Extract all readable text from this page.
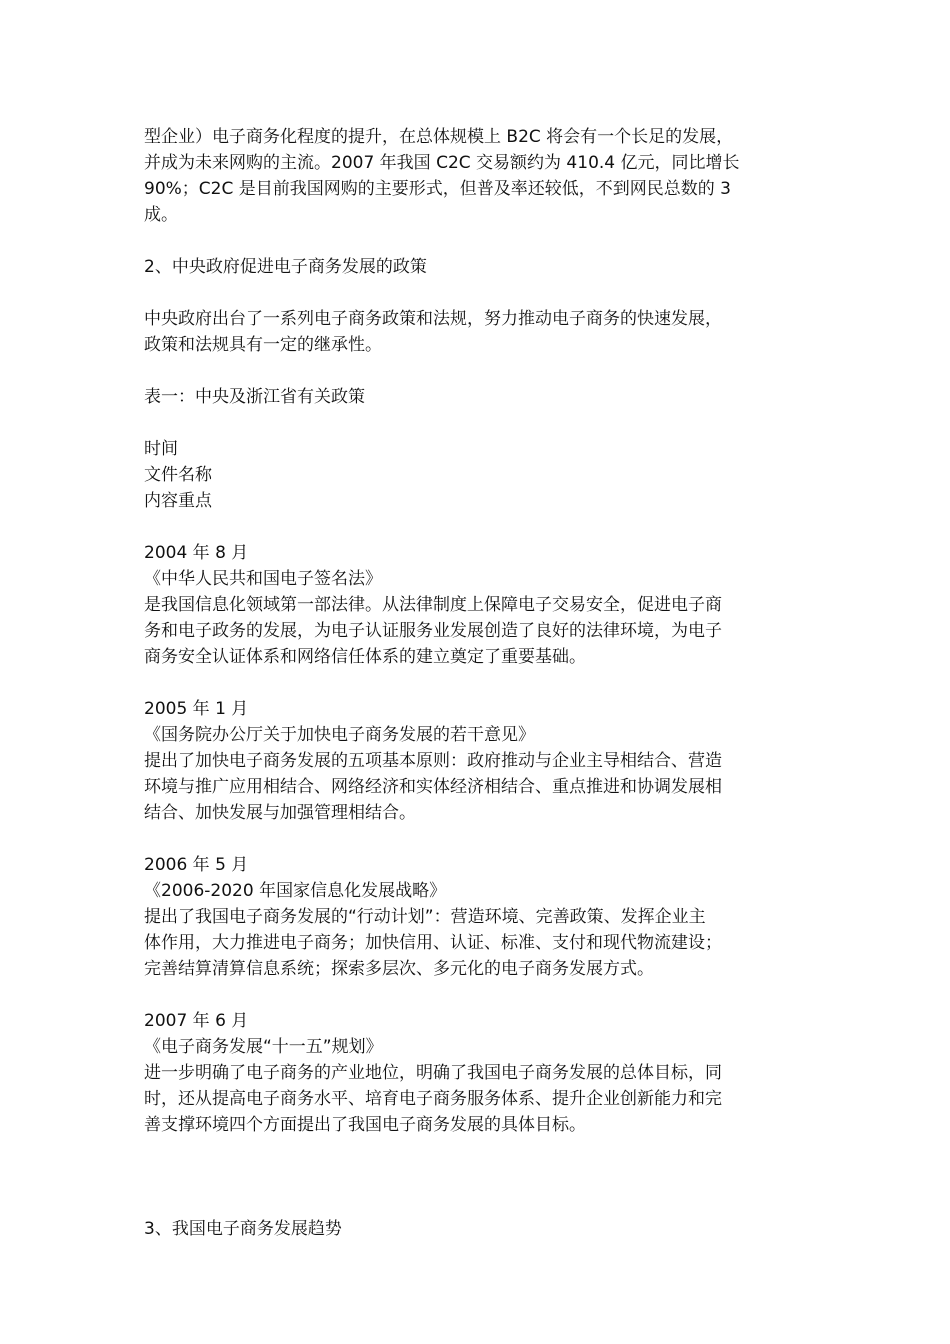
型企业）电子商务化程度的提升，在总体规模上 B2C 将会有一个长足的发展，
并成为未来网购的主流。2007 年我国 C2C 交易额约为 410.4 亿元，同比增长
90%；C2C 是目前我国网购的主要形式，但普及率还较低，不到网民总数的 3
成。
2、中央政府促进电子商务发展的政策
中央政府出台了一系列电子商务政策和法规，努力推动电子商务的快速发展，
政策和法规具有一定的继承性。
表一：中央及浙江省有关政策
时间
文件名称
内容重点
2004 年 8 月
《中华人民共和国电子签名法》
是我国信息化领域第一部法律。从法律制度上保障电子交易安全，促进电子商
务和电子政务的发展，为电子认证服务业发展创造了良好的法律环境，为电子
商务安全认证体系和网络信任体系的建立奠定了重要基础。
2005 年 1 月
《国务院办公厅关于加快电子商务发展的若干意见》
提出了加快电子商务发展的五项基本原则：政府推动与企业主导相结合、营造
环境与推广应用相结合、网络经济和实体经济相结合、重点推进和协调发展相
结合、加快发展与加强管理相结合。
2006 年 5 月
《2006-2020 年国家信息化发展战略》
提出了我国电子商务发展的“行动计划”：营造环境、完善政策、发挥企业主
体作用，大力推进电子商务；加快信用、认证、标准、支付和现代物流建设；
完善结算清算信息系统；探索多层次、多元化的电子商务发展方式。
2007 年 6 月
《电子商务发展“十一五”规划》
进一步明确了电子商务的产业地位，明确了我国电子商务发展的总体目标，同
时，还从提高电子商务水平、培育电子商务服务体系、提升企业创新能力和完
善支撑环境四个方面提出了我国电子商务发展的具体目标。
3、我国电子商务发展趋势
